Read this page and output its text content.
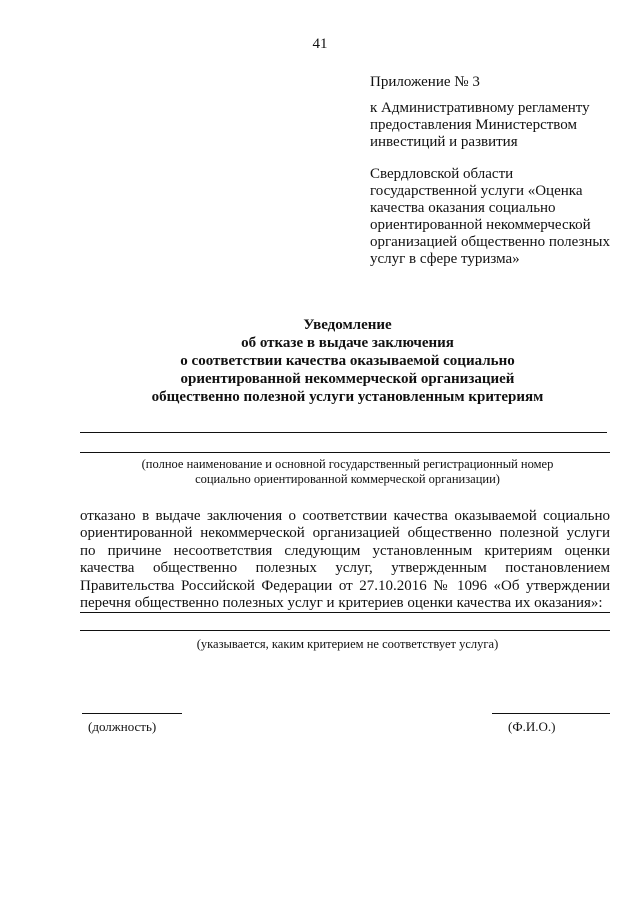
41
Приложение № 3
к Административному регламенту
предоставления Министерством
инвестиций и развития
Свердловской области
государственной услуги «Оценка
качества оказания социально
ориентированной некоммерческой
организацией общественно полезных
услуг в сфере туризма»
Уведомление
об отказе в выдаче заключения
о соответствии качества оказываемой социально
ориентированной некоммерческой организацией
общественно полезной услуги установленным критериям
(полное наименование и основной государственный регистрационный номер
социально ориентированной коммерческой организации)
отказано в выдаче заключения о соответствии качества оказываемой социально
ориентированной некоммерческой организацией общественно полезной услуги
по причине несоответствия следующим установленным критериям оценки
качества общественно полезных услуг, утвержденным постановлением
Правительства Российской Федерации от 27.10.2016 № 1096 «Об утверждении
перечня общественно полезных услуг и критериев оценки качества их оказания»:
(указывается, каким критерием не соответствует услуга)
(должность)	(Ф.И.О.)
